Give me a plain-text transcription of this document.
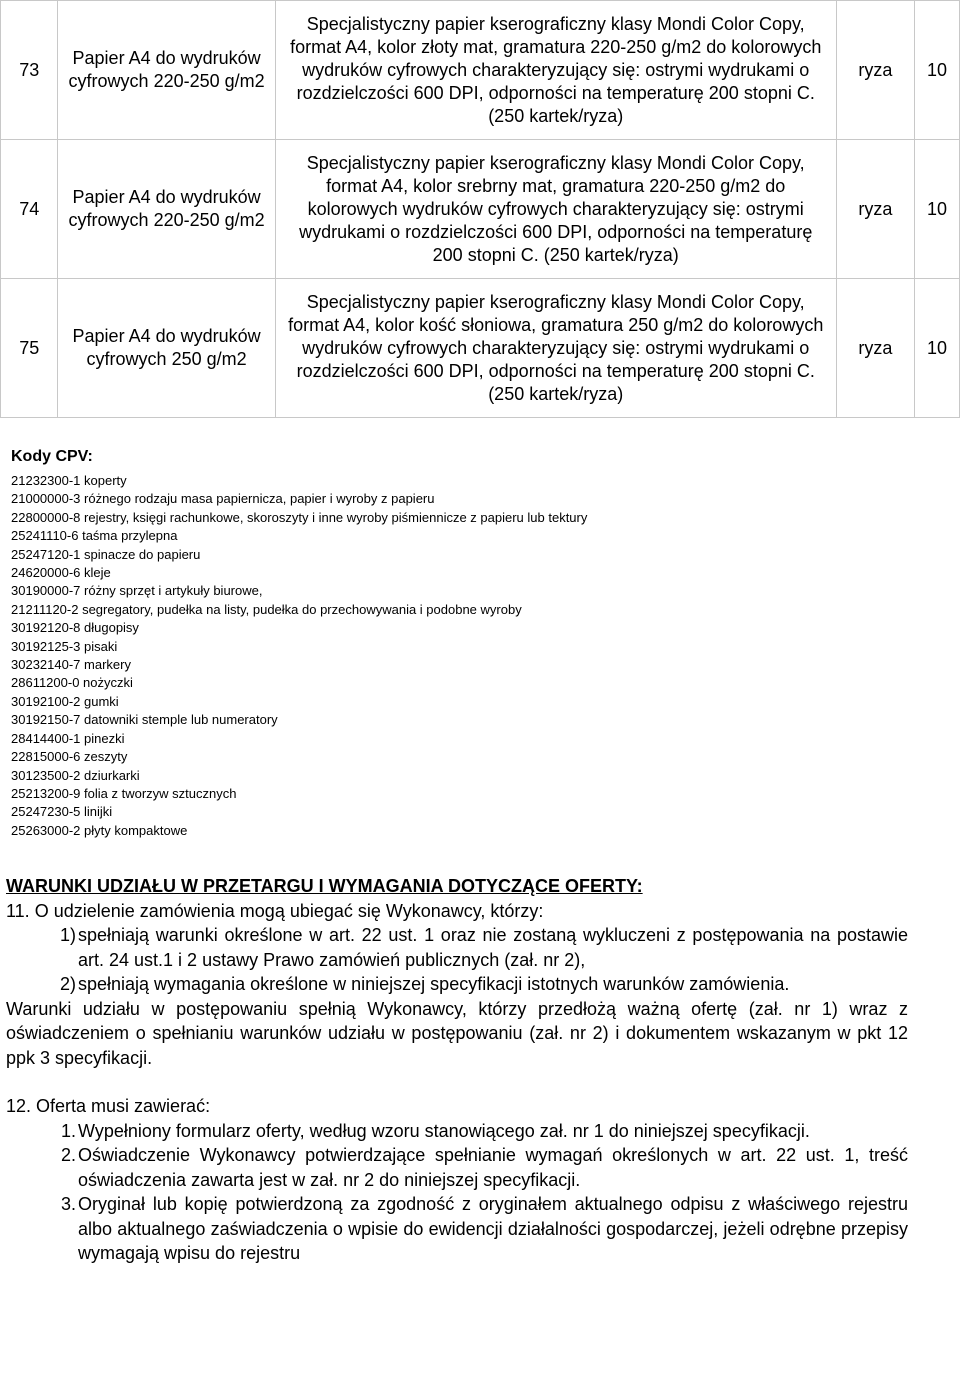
73	Papier A4 do wydruków cyfrowych 220-250 g/m2	Specjalistyczny papier kserograficzny klasy Mondi Color Copy, format A4, kolor złoty mat, gramatura 220-250 g/m2 do kolorowych wydruków cyfrowych charakteryzujący się: ostrymi wydrukami o rozdzielczości 600 DPI, odporności na temperaturę 200 stopni C. (250 kartek/ryza)	ryza	10
74	Papier A4 do wydruków cyfrowych 220-250 g/m2	Specjalistyczny papier kserograficzny klasy Mondi Color Copy, format A4, kolor srebrny mat, gramatura 220-250 g/m2 do kolorowych wydruków cyfrowych charakteryzujący się: ostrymi wydrukami o rozdzielczości 600 DPI, odporności na temperaturę 200 stopni C. (250 kartek/ryza)	ryza	10
75	Papier A4 do wydruków cyfrowych 250 g/m2	Specjalistyczny papier kserograficzny klasy Mondi Color Copy, format A4, kolor kość słoniowa, gramatura 250 g/m2 do kolorowych wydruków cyfrowych charakteryzujący się: ostrymi wydrukami o rozdzielczości 600 DPI, odporności na temperaturę 200 stopni C. (250 kartek/ryza)	ryza	10
Kody CPV:
21232300-1 koperty
21000000-3 różnego rodzaju masa papiernicza, papier i wyroby z papieru
22800000-8 rejestry, księgi rachunkowe, skoroszyty i inne wyroby piśmiennicze z papieru lub tektury
25241110-6 taśma przylepna
25247120-1 spinacze do papieru
24620000-6 kleje
30190000-7 różny sprzęt i artykuły biurowe,
21211120-2 segregatory, pudełka na listy, pudełka do przechowywania i podobne wyroby
30192120-8 długopisy
30192125-3 pisaki
30232140-7 markery
28611200-0 nożyczki
30192100-2 gumki
30192150-7 datowniki stemple lub numeratory
28414400-1 pinezki
22815000-6 zeszyty
30123500-2 dziurkarki
25213200-9 folia z tworzyw sztucznych
25247230-5 linijki
25263000-2 płyty kompaktowe
WARUNKI UDZIAŁU W PRZETARGU I WYMAGANIA DOTYCZĄCE OFERTY:

11. O udzielenie zamówienia mogą ubiegać się Wykonawcy, którzy:

1) spełniają warunki określone w art. 22 ust. 1 oraz nie zostaną wykluczeni z postępowania na postawie art. 24 ust.1 i 2 ustawy Prawo zamówień publicznych (zał. nr 2),
2) spełniają wymagania określone w niniejszej specyfikacji istotnych warunków zamówienia.

Warunki udziału w postępowaniu spełnią Wykonawcy, którzy przedłożą ważną ofertę (zał. nr 1) wraz z oświadczeniem o spełnianiu warunków udziału w postępowaniu (zał. nr 2) i dokumentem wskazanym w pkt 12 ppk 3 specyfikacji.

12. Oferta musi zawierać:

1. Wypełniony formularz oferty, według wzoru stanowiącego zał. nr 1 do niniejszej specyfikacji.
2. Oświadczenie Wykonawcy potwierdzające spełnianie wymagań określonych w art. 22 ust. 1, treść oświadczenia zawarta jest w zał. nr 2 do niniejszej specyfikacji.
3. Oryginał lub kopię potwierdzoną za zgodność z oryginałem aktualnego odpisu z właściwego rejestru albo aktualnego zaświadczenia o wpisie do ewidencji działalności gospodarczej, jeżeli odrębne przepisy wymagają wpisu do rejestru
